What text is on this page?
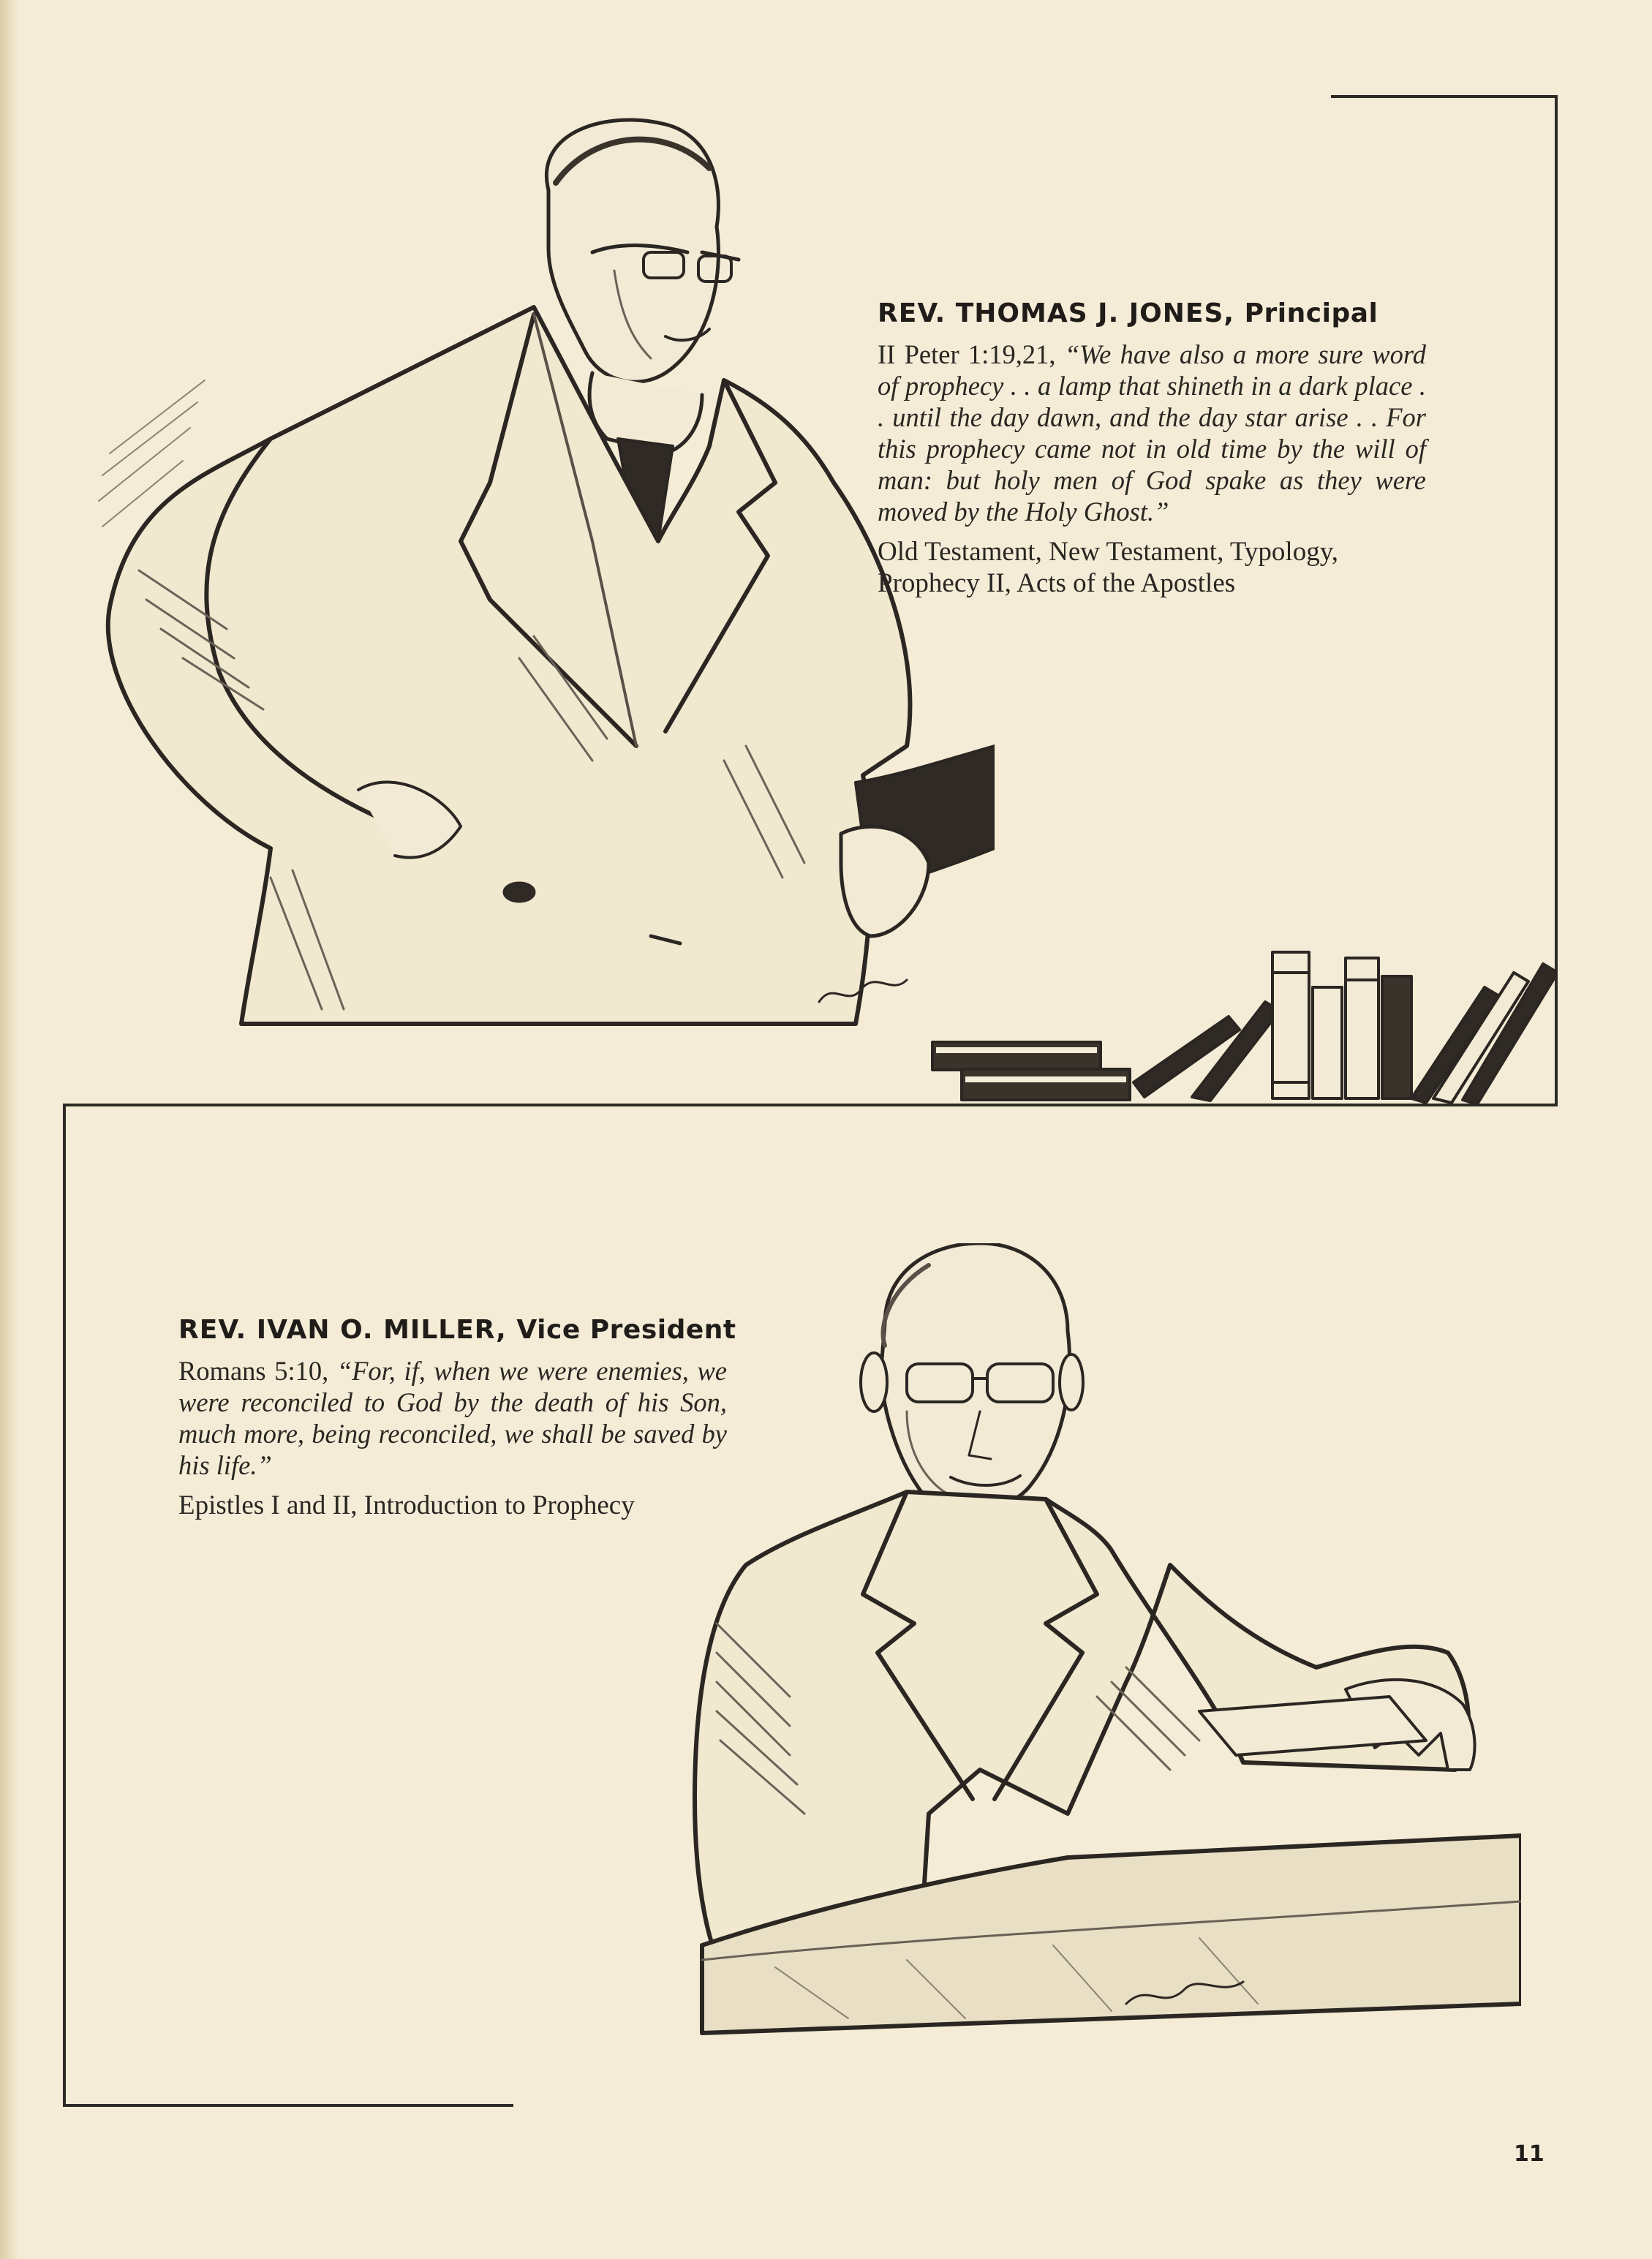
REV. THOMAS J. JONES, Principal

II Peter 1:19,21, “We have also a more sure word of prophecy . . a lamp that shineth in a dark place . . until the day dawn, and the day star arise . . For this prophecy came not in old time by the will of man: but holy men of God spake as they were moved by the Holy Ghost.”

Old Testament, New Testament, Typology, Prophecy II, Acts of the Apostles

REV. IVAN O. MILLER, Vice President

Romans 5:10, “For, if, when we were enemies, we were reconciled to God by the death of his Son, much more, being reconciled, we shall be saved by his life.”

Epistles I and II, Introduction to Prophecy

11
